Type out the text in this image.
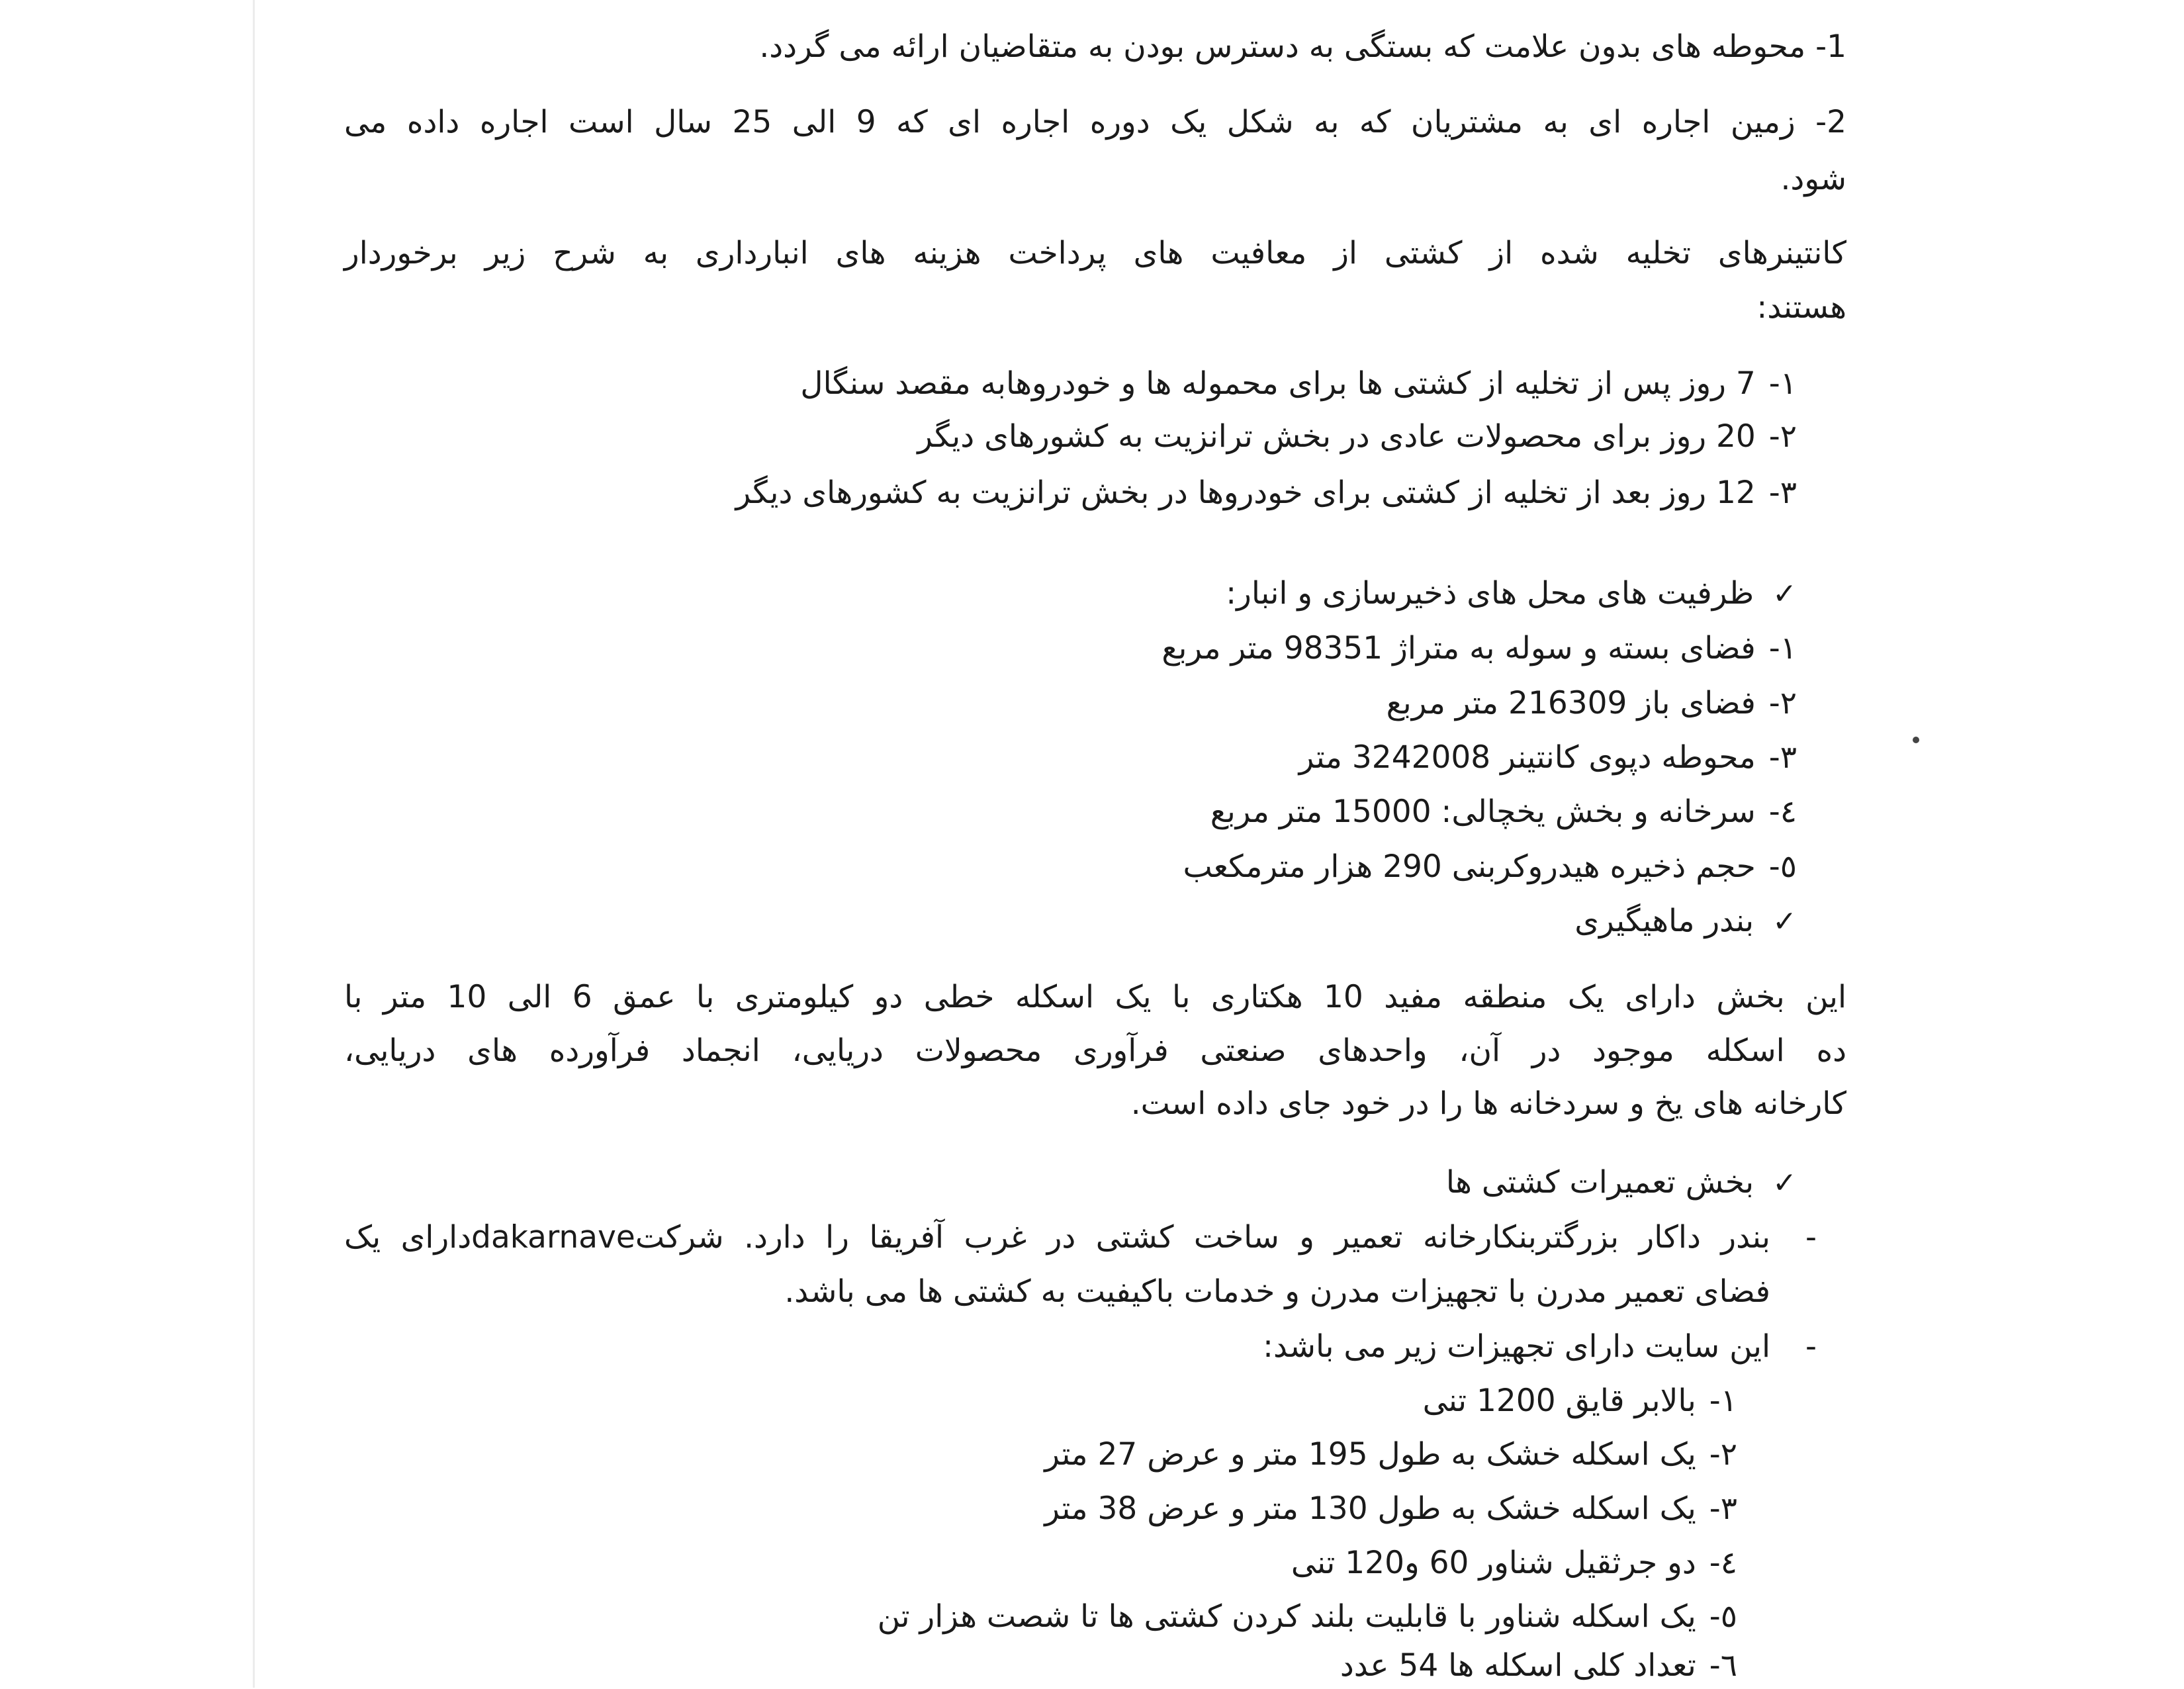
1- محوطه های بدون علامت که بستگی به دسترس بودن به متقاضیان ارائه می گردد.

2- زمین اجاره ای به مشتریان که به شکل یک دوره اجاره ای که 9 الی 25 سال است اجاره داده می

شود.

کانتینرهای تخلیه شده از کشتی از معافیت های پرداخت هزینه های انبارداری به شرح زیر برخوردار

هستند:

۱-7 روز پس از تخلیه از کشتی ها برای محموله ها و خودروهابه مقصد سنگال

۲-20 روز برای محصولات عادی در بخش ترانزیت به کشورهای دیگر

۳-12 روز بعد از تخلیه از کشتی برای خودروها در بخش ترانزیت به کشورهای دیگر

✓ظرفیت های محل های ذخیرسازی و انبار:

۱-فضای بسته و سوله به متراژ 98351 متر مربع

۲-فضای باز 216309 متر مربع

۳-محوطه دپوی کانتینر 3242008 متر

٤-سرخانه و بخش یخچالی: 15000 متر مربع

٥-حجم ذخیره هیدروکربنی 290 هزار مترمکعب

✓بندر ماهیگیری

این بخش دارای یک منطقه مفید 10 هکتاری با یک اسکله خطی دو کیلومتری با عمق 6 الی 10 متر با

ده اسکله موجود در آن، واحدهای صنعتی فرآوری محصولات دریایی، انجماد فرآورده های دریایی،

کارخانه های یخ و سردخانه ها را در خود جای داده است.

✓بخش تعمیرات کشتی ها

-

بندر داکار بزرگتربنکارخانه تعمیر و ساخت کشتی در غرب آفریقا را دارد. شرکتdakarnaveدارای یک

فضای تعمیر مدرن با تجهیزات مدرن و خدمات باکیفیت به کشتی ها می باشد.

-

این سایت دارای تجهیزات زیر می باشد:

۱-بالابر قایق 1200 تنی

۲-یک اسکله خشک به طول 195 متر و عرض 27 متر

۳-یک اسکله خشک به طول 130 متر و عرض 38 متر

٤-دو جرثقیل شناور 60 و120 تنی

٥-یک اسکله شناور با قابلیت بلند کردن کشتی ها تا شصت هزار تن

٦-تعداد کلی اسکله ها 54 عدد
